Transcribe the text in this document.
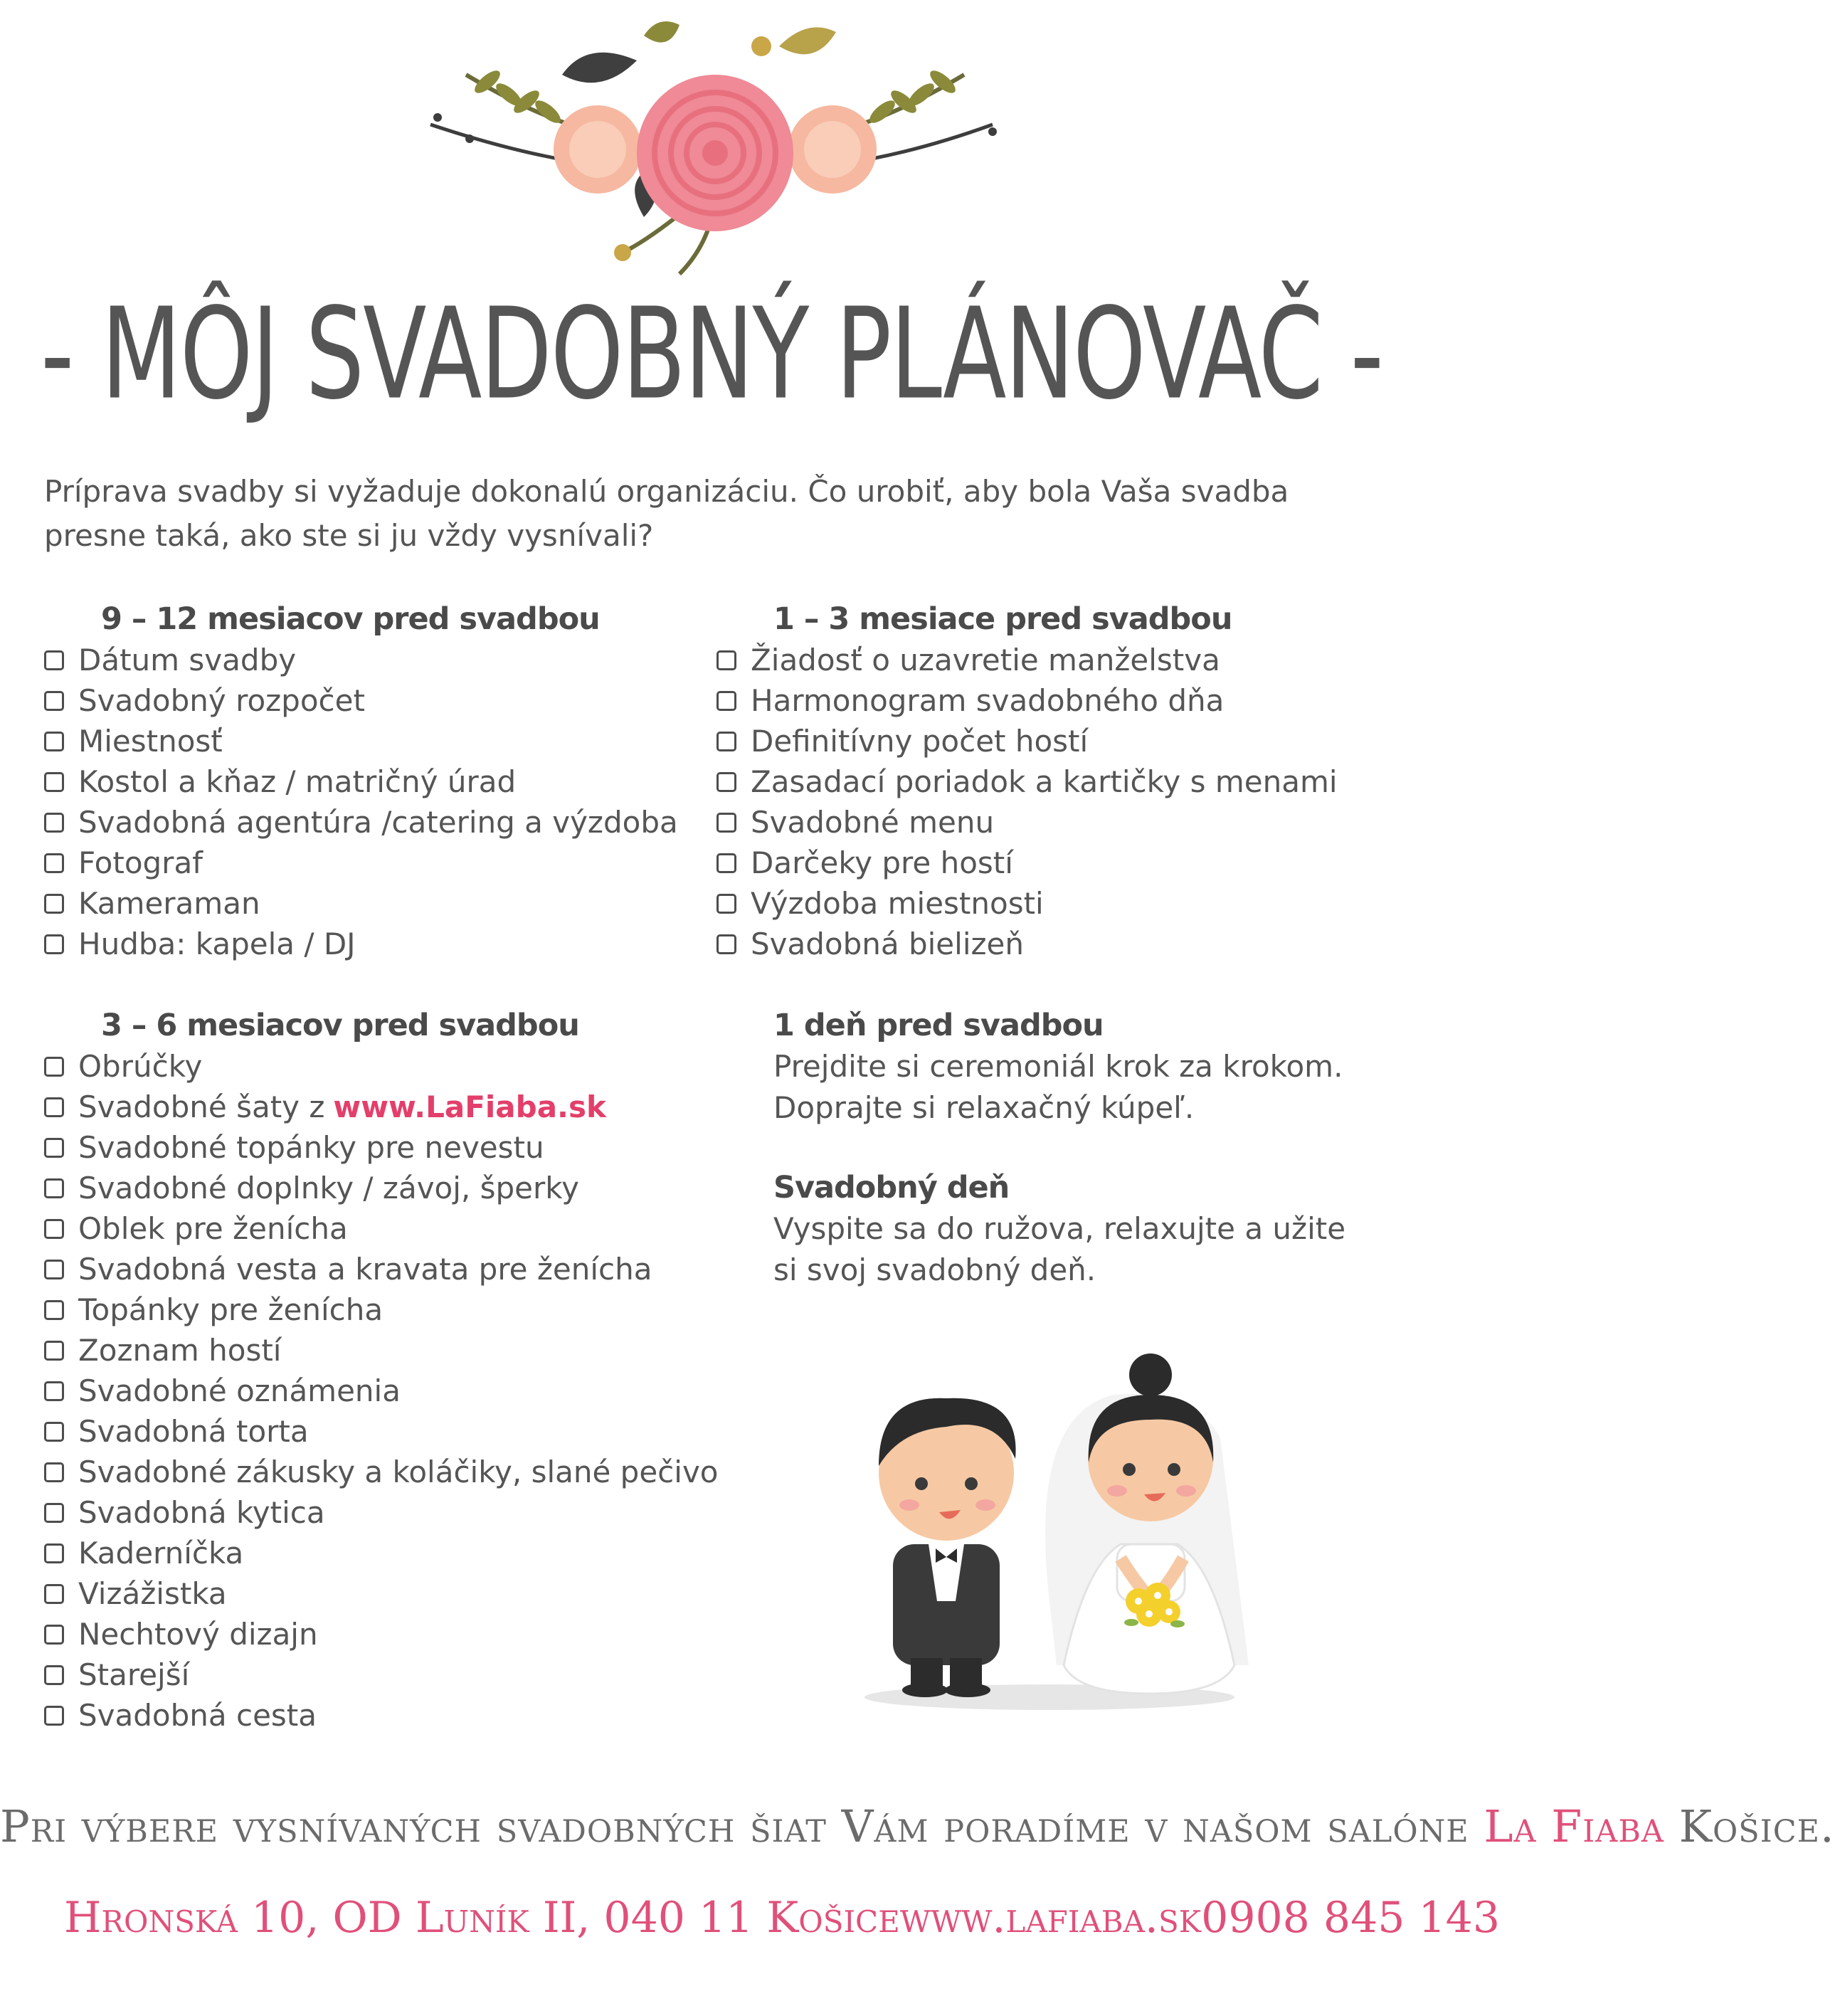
- MÔJ SVADOBNÝ PLÁNOVAČ -

Príprava svadby si vyžaduje dokonalú organizáciu. Čo urobiť, aby bola Vaša svadba presne taká, ako ste si ju vždy vysnívali?

9 – 12 mesiacov pred svadbou
Dátum svadby
Svadobný rozpočet
Miestnosť
Kostol a kňaz / matričný úrad
Svadobná agentúra /catering a výzdoba
Fotograf
Kameraman
Hudba: kapela / DJ
3 – 6 mesiacov pred svadbou
Obrúčky
Svadobné šaty z www.LaFiaba.sk
Svadobné topánky pre nevestu
Svadobné doplnky / závoj, šperky
Oblek pre ženícha
Svadobná vesta a kravata pre ženícha
Topánky pre ženícha
Zoznam hostí
Svadobné oznámenia
Svadobná torta
Svadobné zákusky a koláčiky, slané pečivo
Svadobná kytica
Kaderníčka
Vizážistka
Nechtový dizajn
Starejší
Svadobná cesta
1 – 3 mesiace pred svadbou
Žiadosť o uzavretie manželstva
Harmonogram svadobného dňa
Definitívny počet hostí
Zasadací poriadok a kartičky s menami
Svadobné menu
Darčeky pre hostí
Výzdoba miestnosti
Svadobná bielizeň
1 deň pred svadbou

Prejdite si ceremoniál krok za krokom.

Doprajte si relaxačný kúpeľ.

Svadobný deň

Vyspite sa do ružova, relaxujte a užite

si svoj svadobný deň.

Pri výbere vysnívaných svadobných šiat Vám poradíme v našom salóne La Fiaba Košice.
Hronská 10, OD Luník II, 040 11 Košice www.lafiaba.sk 0908 845 143
